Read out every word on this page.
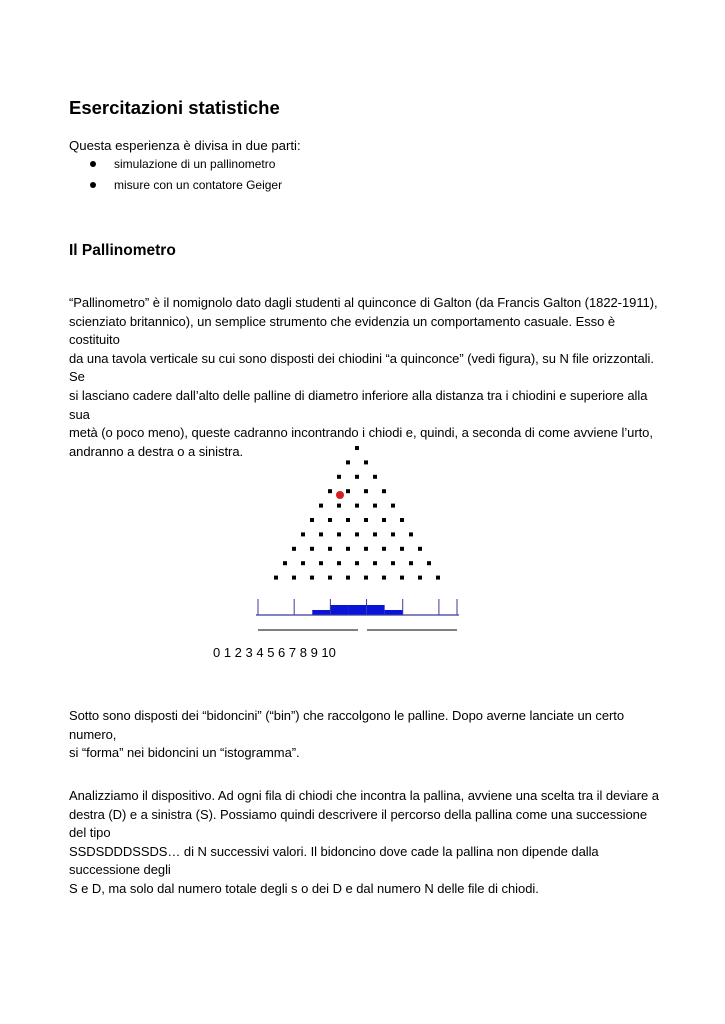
Esercitazioni statistiche

Questa esperienza è divisa in due parti:

simulazione di un pallinometro
misure con un contatore Geiger
Il Pallinometro

“Pallinometro” è il nomignolo dato dagli studenti al quinconce di Galton (da Francis Galton (1822-1911),
scienziato britannico), un semplice strumento che evidenzia un comportamento casuale. Esso è costituito
da una tavola verticale su cui sono disposti dei chiodini “a quinconce” (vedi figura), su N file orizzontali. Se
si lasciano cadere dall’alto delle palline di diametro inferiore alla distanza tra i chiodini e superiore alla sua
metà (o poco meno), queste cadranno incontrando i chiodi e, quindi, a seconda di come avviene l’urto,
andranno a destra o a sinistra.

0 1 2 3 4 5 6 7 8 9 10

Sotto sono disposti dei “bidoncini” (“bin”) che raccolgono le palline. Dopo averne lanciate un certo numero,
si “forma” nei bidoncini un “istogramma”.

Analizziamo il dispositivo. Ad ogni fila di chiodi che incontra la pallina, avviene una scelta tra il deviare a
destra (D) e a sinistra (S). Possiamo quindi descrivere il percorso della pallina come una successione del tipo
SSDSDDDSSDS… di N successivi valori. Il bidoncino dove cade la pallina non dipende dalla successione degli
S e D, ma solo dal numero totale degli s o dei D e dal numero N delle file di chiodi.
